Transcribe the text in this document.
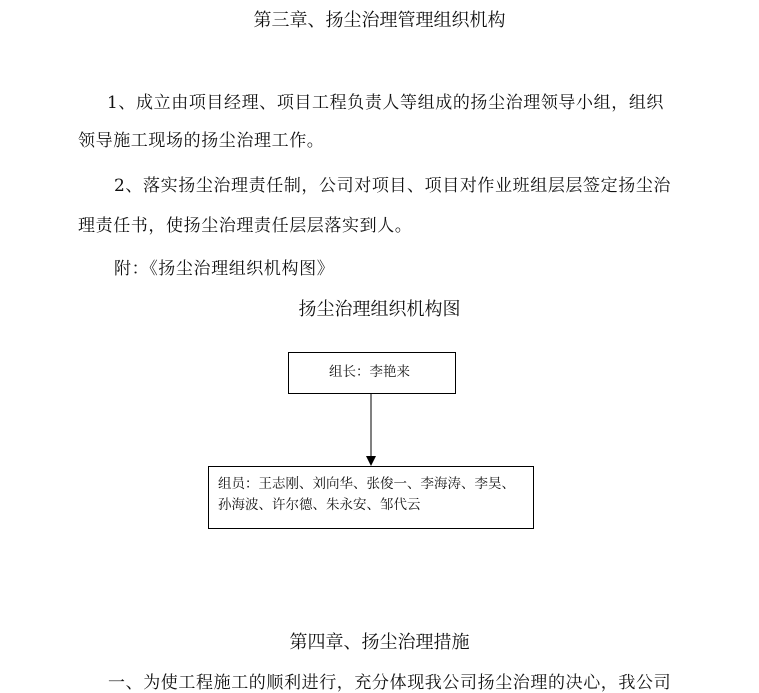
第三章、扬尘治理管理组织机构
1、成立由项目经理、项目工程负责人等组成的扬尘治理领导小组，组织
领导施工现场的扬尘治理工作。
2、落实扬尘治理责任制，公司对项目、项目对作业班组层层签定扬尘治
理责任书，使扬尘治理责任层层落实到人。
附：《扬尘治理组织机构图》
扬尘治理组织机构图
组长：李艳来
组员：王志刚、刘向华、张俊一、李海涛、李昊、
孙海波、许尔德、朱永安、邹代云
第四章、扬尘治理措施
一、为使工程施工的顺利进行，充分体现我公司扬尘治理的决心，我公司
